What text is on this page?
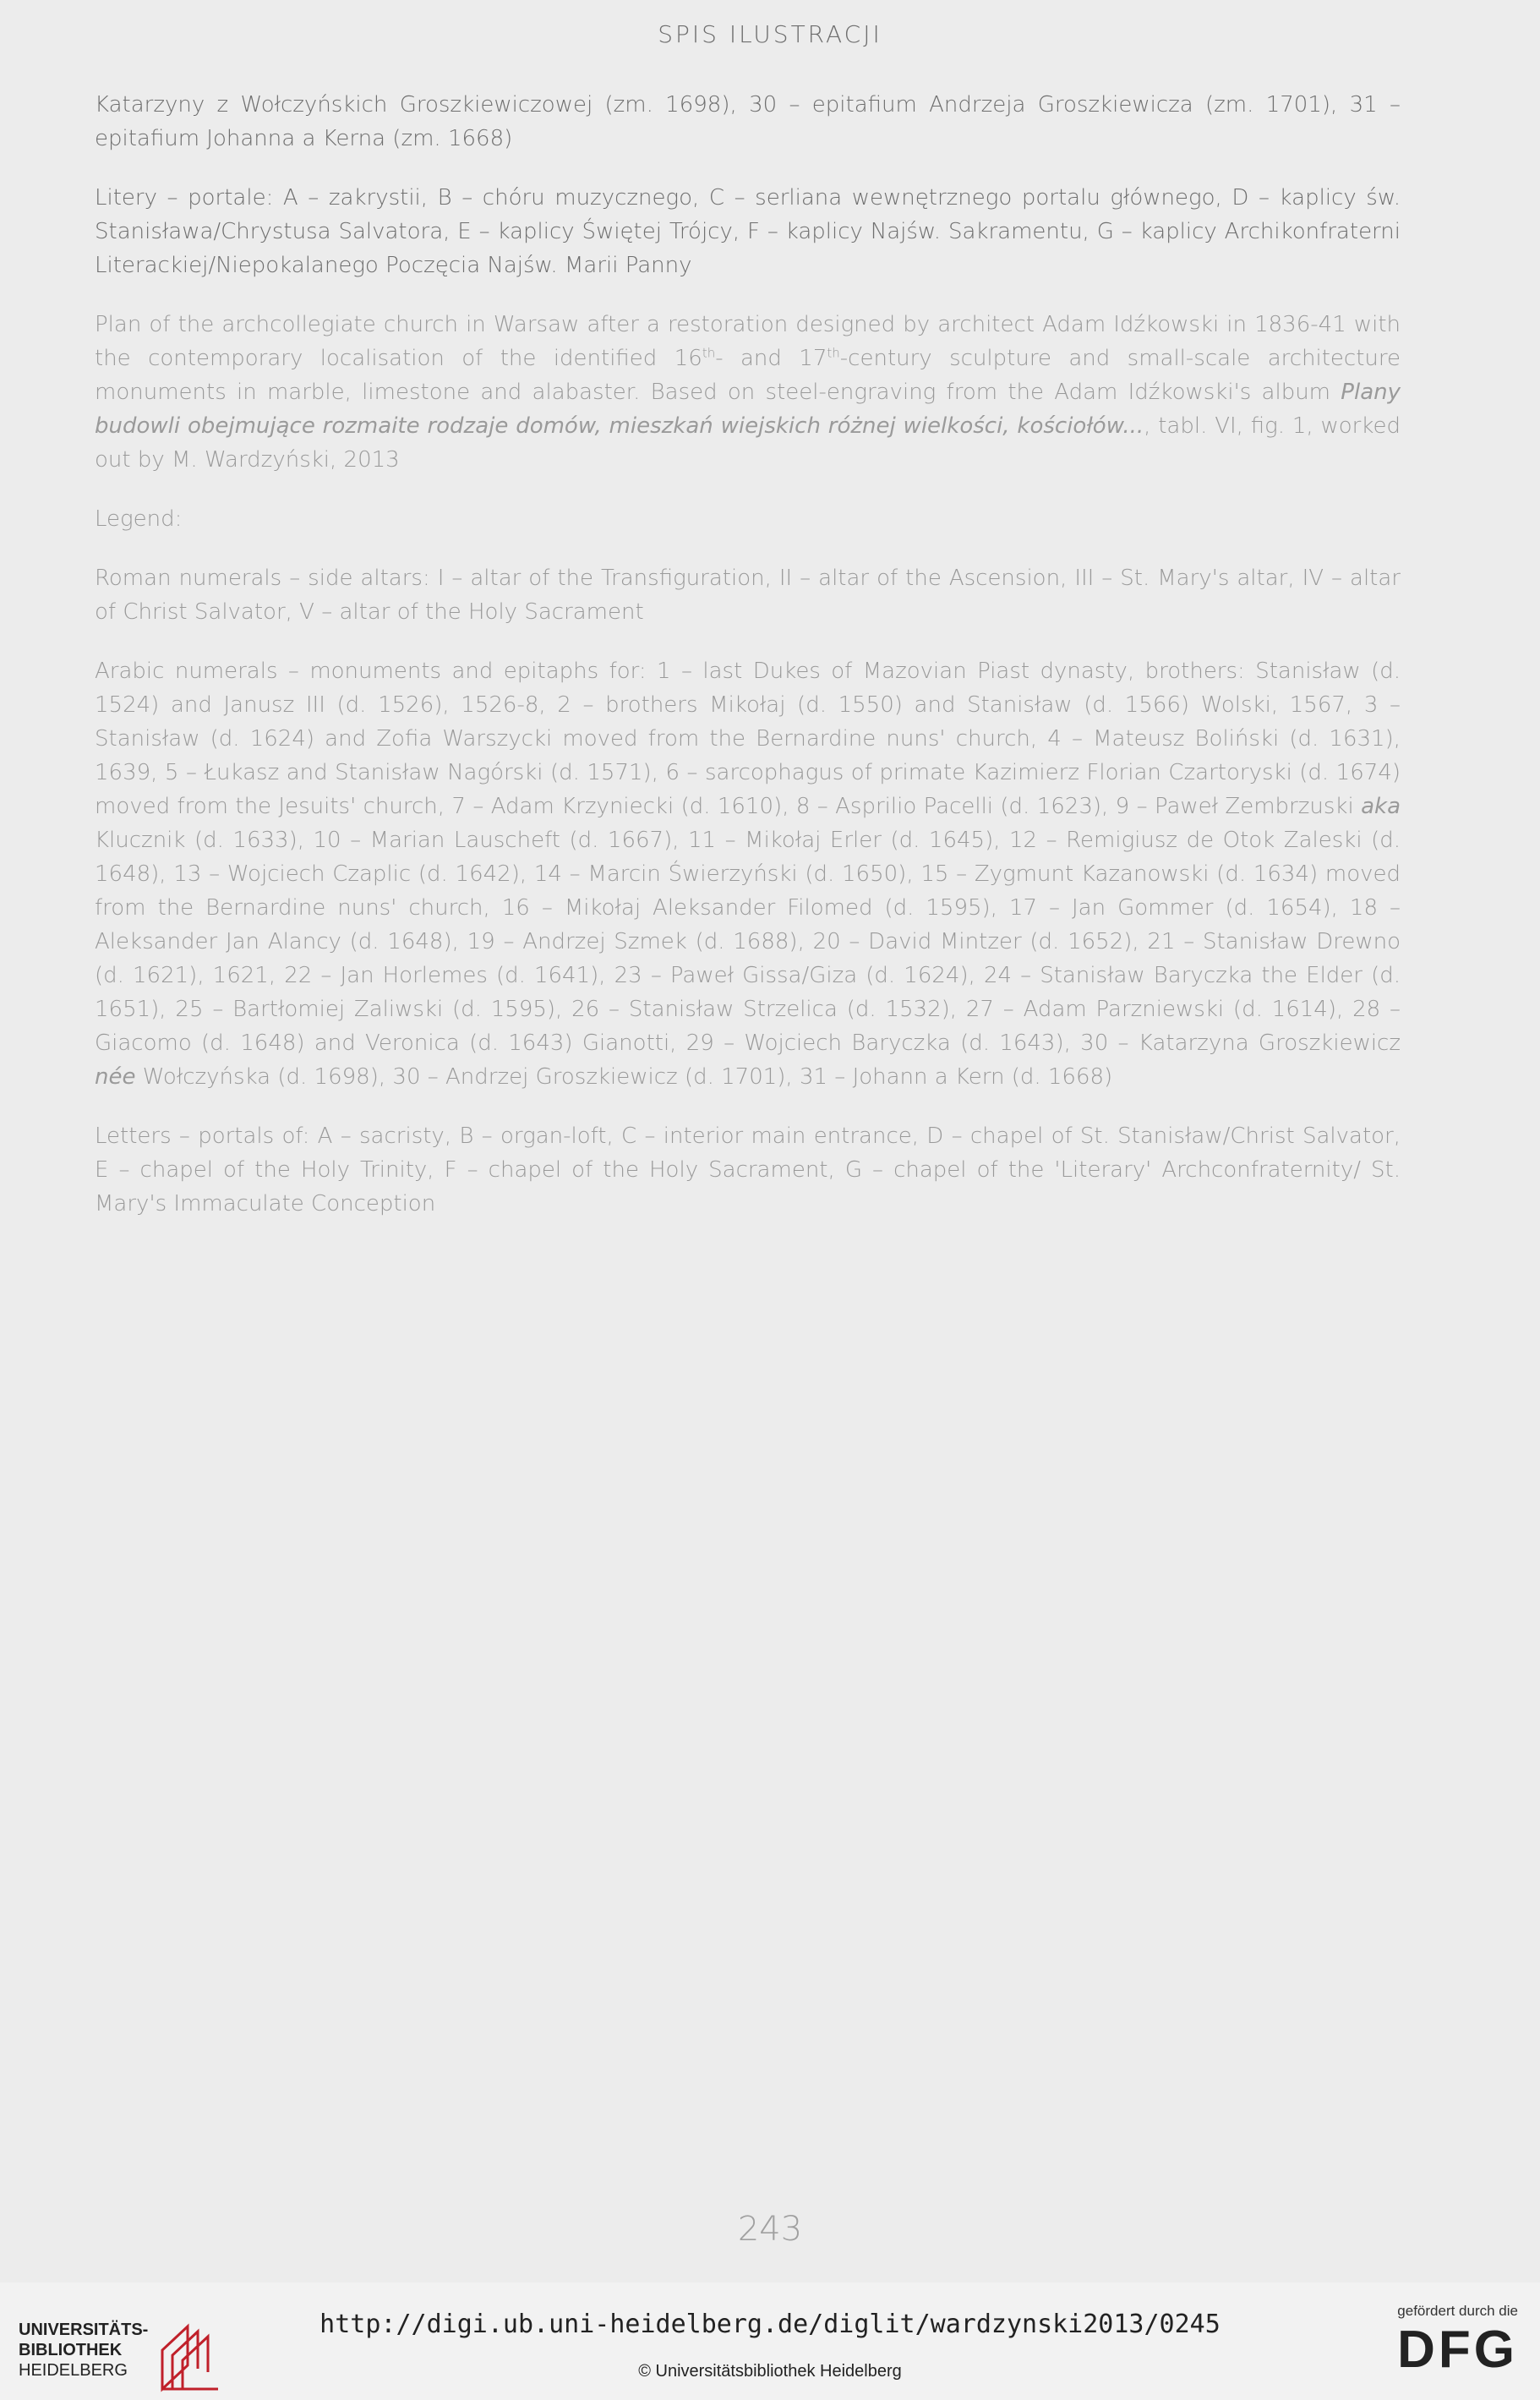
SPIS ILUSTRACJI

Katarzyny z Wołczyńskich Groszkiewiczowej (zm. 1698), 30 – epitafium Andrzeja Groszkiewicza (zm. 1701), 31 – epitafium Johanna a Kerna (zm. 1668)

Litery – portale: A – zakrystii, B – chóru muzycznego, C – serliana wewnętrznego portalu głównego, D – kaplicy św. Stanisława/Chrystusa Salvatora, E – kaplicy Świętej Trójcy, F – kaplicy Najśw. Sakramentu, G – kaplicy Archikonfraterni Literackiej/Niepokalanego Poczęcia Najśw. Marii Panny

Plan of the archcollegiate church in Warsaw after a restoration designed by architect Adam Idźkowski in 1836-41 with the contemporary localisation of the identified 16th- and 17th-century sculpture and small-scale architecture monuments in marble, limestone and alabaster. Based on steel-engraving from the Adam Idźkowski's album Plany budowli obejmujące rozmaite rodzaje domów, mieszkań wiejskich różnej wielkości, kościołów..., tabl. VI, fig. 1, worked out by M. Wardzyński, 2013

Legend:

Roman numerals – side altars: I – altar of the Transfiguration, II – altar of the Ascension, III – St. Mary's altar, IV – altar of Christ Salvator, V – altar of the Holy Sacrament

Arabic numerals – monuments and epitaphs for: 1 – last Dukes of Mazovian Piast dynasty, brothers: Stanisław (d. 1524) and Janusz III (d. 1526), 1526-8, 2 – brothers Mikołaj (d. 1550) and Stanisław (d. 1566) Wolski, 1567, 3 – Stanisław (d. 1624) and Zofia Warszycki moved from the Bernardine nuns' church, 4 – Mateusz Boliński (d. 1631), 1639, 5 – Łukasz and Stanisław Nagórski (d. 1571), 6 – sarcophagus of primate Kazimierz Florian Czartoryski (d. 1674) moved from the Jesuits' church, 7 – Adam Krzyniecki (d. 1610), 8 – Asprilio Pacelli (d. 1623), 9 – Paweł Zembrzuski aka Klucznik (d. 1633), 10 – Marian Lauscheft (d. 1667), 11 – Mikołaj Erler (d. 1645), 12 – Remigiusz de Otok Zaleski (d. 1648), 13 – Wojciech Czaplic (d. 1642), 14 – Marcin Świerzyński (d. 1650), 15 – Zygmunt Kazanowski (d. 1634) moved from the Bernardine nuns' church, 16 – Mikołaj Aleksander Filomed (d. 1595), 17 – Jan Gommer (d. 1654), 18 – Aleksander Jan Alancy (d. 1648), 19 – Andrzej Szmek (d. 1688), 20 – David Mintzer (d. 1652), 21 – Stanisław Drewno (d. 1621), 1621, 22 – Jan Horlemes (d. 1641), 23 – Paweł Gissa/Giza (d. 1624), 24 – Stanisław Baryczka the Elder (d. 1651), 25 – Bartłomiej Zaliwski (d. 1595), 26 – Stanisław Strzelica (d. 1532), 27 – Adam Parzniewski (d. 1614), 28 – Giacomo (d. 1648) and Veronica (d. 1643) Gianotti, 29 – Wojciech Baryczka (d. 1643), 30 – Katarzyna Groszkiewicz née Wołczyńska (d. 1698), 30 – Andrzej Groszkiewicz (d. 1701), 31 – Johann a Kern (d. 1668)

Letters – portals of: A – sacristy, B – organ-loft, C – interior main entrance, D – chapel of St. Stanisław/Christ Salvator, E – chapel of the Holy Trinity, F – chapel of the Holy Sacrament, G – chapel of the 'Literary' Archconfraternity/ St. Mary's Immaculate Conception

243
UNIVERSITÄTS-
BIBLIOTHEK
HEIDELBERG
http://digi.ub.uni-heidelberg.de/diglit/wardzynski2013/0245
© Universitätsbibliothek Heidelberg
gefördert durch die
DFG
